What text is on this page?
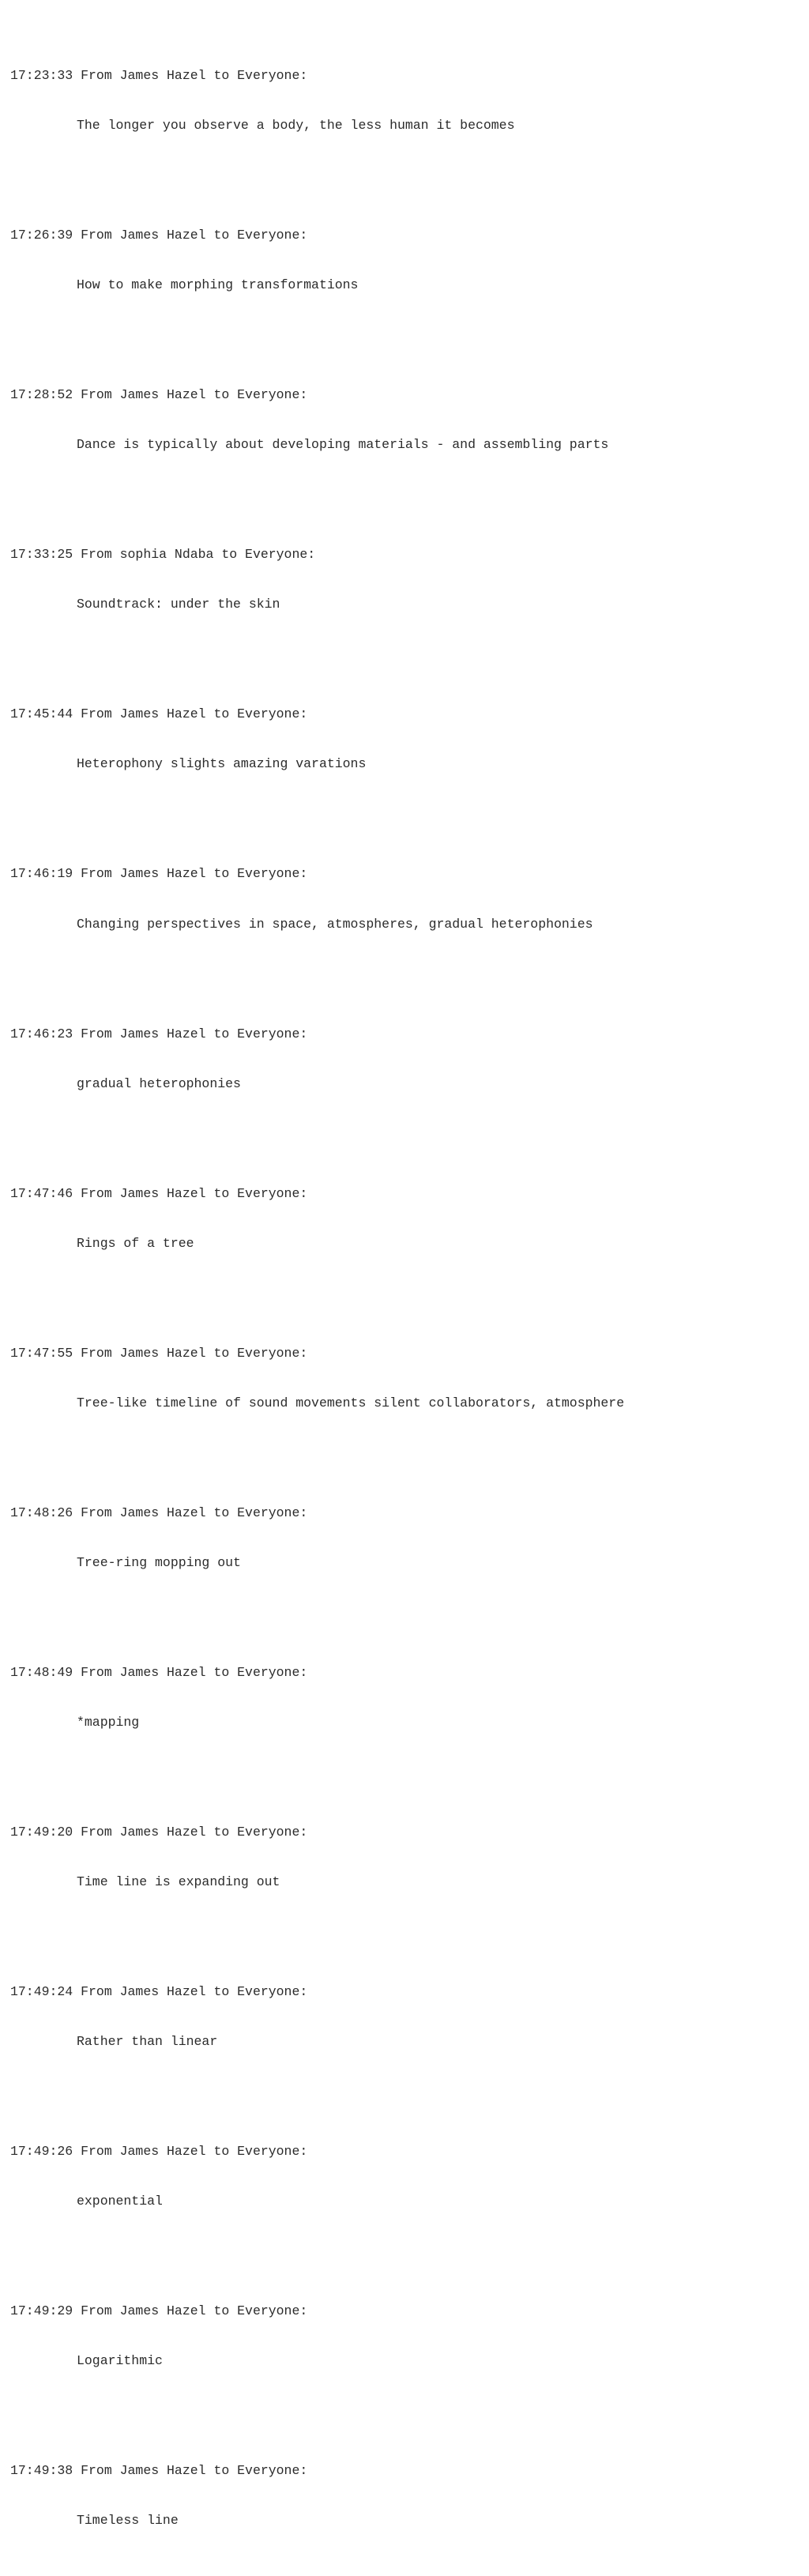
17:23:33 From James Hazel to Everyone:

The longer you observe a body, the less human it becomes

17:26:39 From James Hazel to Everyone:

How to make morphing transformations

17:28:52 From James Hazel to Everyone:

Dance is typically about developing materials - and assembling parts

17:33:25 From sophia Ndaba to Everyone:

Soundtrack: under the skin

17:45:44 From James Hazel to Everyone:

Heterophony slights amazing varations

17:46:19 From James Hazel to Everyone:

Changing perspectives in space, atmospheres, gradual heterophonies

17:46:23 From James Hazel to Everyone:

gradual heterophonies

17:47:46 From James Hazel to Everyone:

Rings of a tree

17:47:55 From James Hazel to Everyone:

Tree-like timeline of sound movements silent collaborators, atmosphere

17:48:26 From James Hazel to Everyone:

Tree-ring mopping out

17:48:49 From James Hazel to Everyone:

*mapping

17:49:20 From James Hazel to Everyone:

Time line is expanding out

17:49:24 From James Hazel to Everyone:

Rather than linear

17:49:26 From James Hazel to Everyone:

exponential

17:49:29 From James Hazel to Everyone:

Logarithmic

17:49:38 From James Hazel to Everyone:

Timeless line
